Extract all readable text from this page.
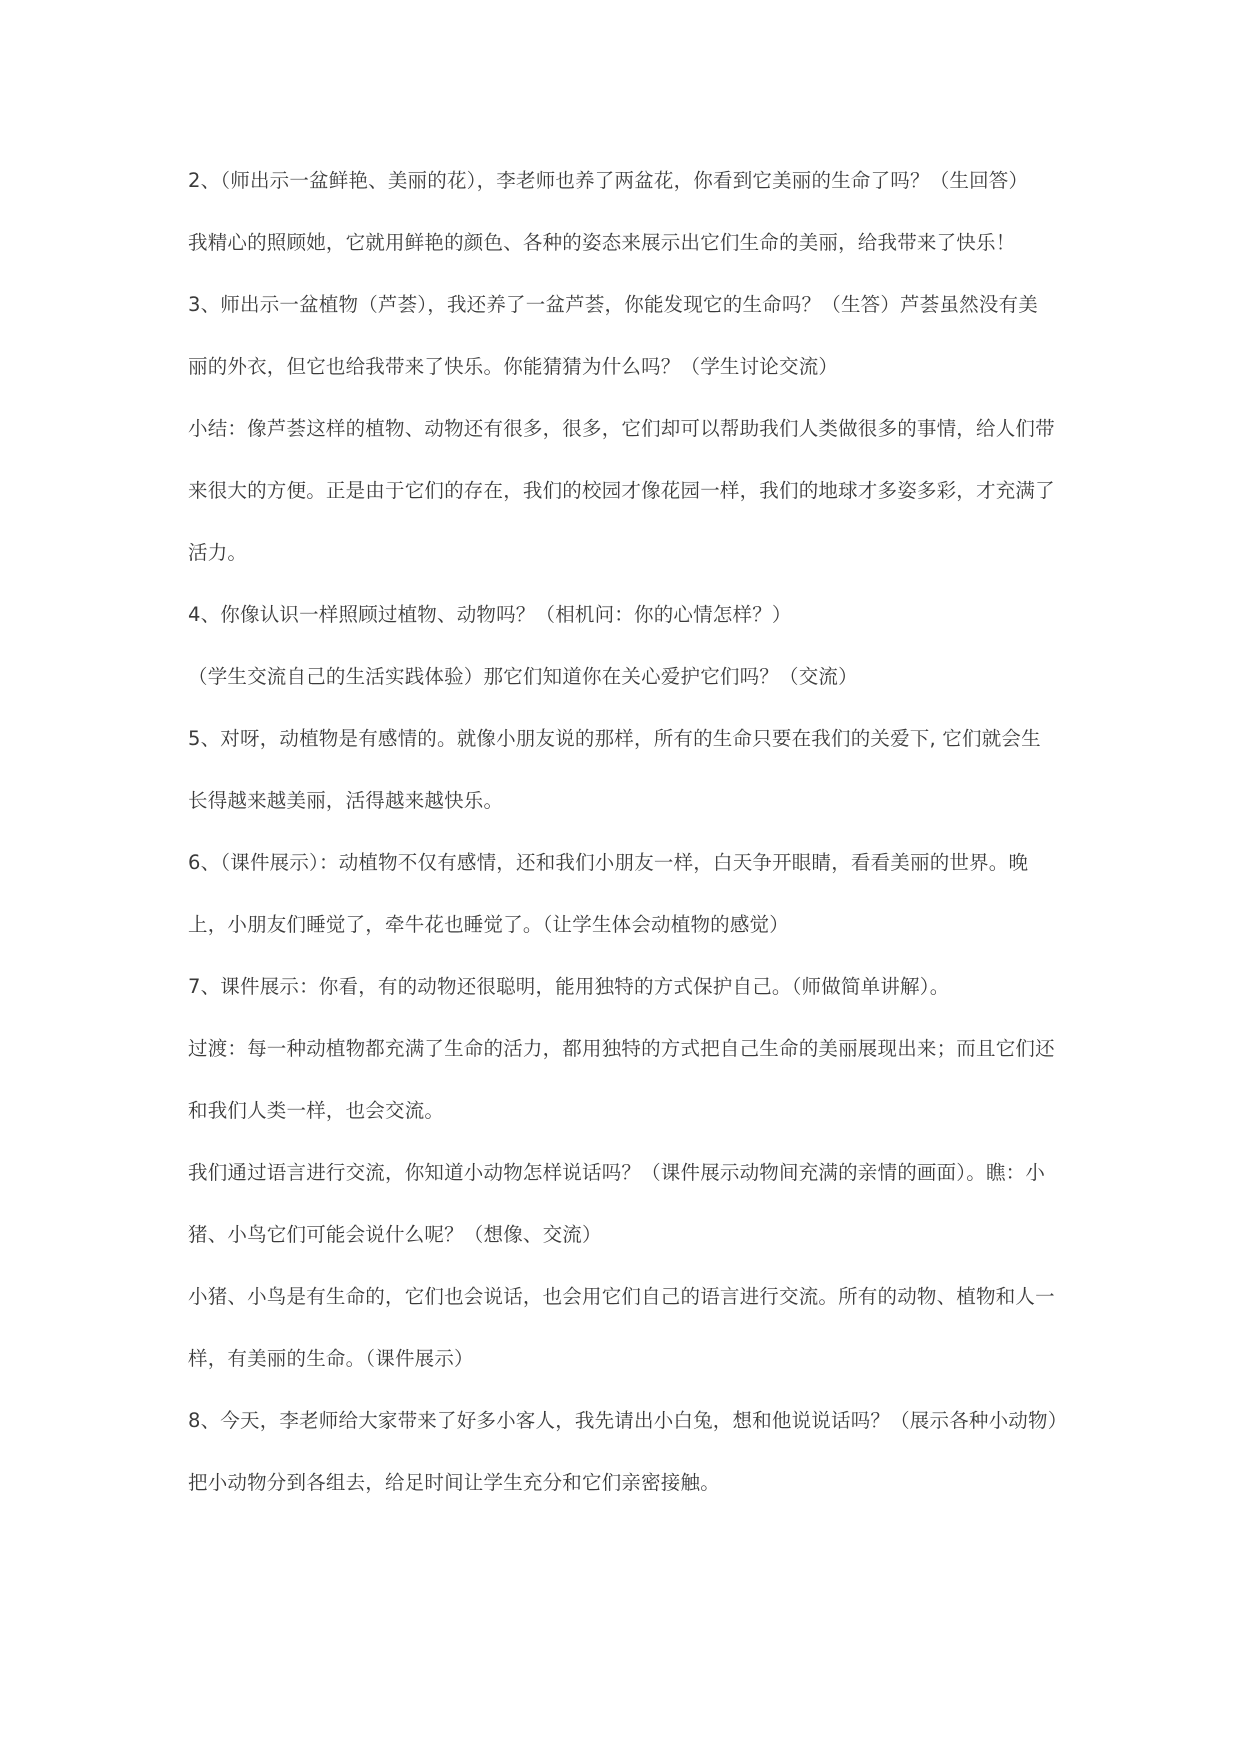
2、（师出示一盆鲜艳、美丽的花），李老师也养了两盆花，你看到它美丽的生命了吗？（生回答）
我精心的照顾她，它就用鲜艳的颜色、各种的姿态来展示出它们生命的美丽，给我带来了快乐！
3、师出示一盆植物（芦荟），我还养了一盆芦荟，你能发现它的生命吗？（生答）芦荟虽然没有美
丽的外衣，但它也给我带来了快乐。你能猜猜为什么吗？（学生讨论交流）
小结：像芦荟这样的植物、动物还有很多，很多，它们却可以帮助我们人类做很多的事情，给人们带
来很大的方便。正是由于它们的存在，我们的校园才像花园一样，我们的地球才多姿多彩，才充满了
活力。
4、你像认识一样照顾过植物、动物吗？（相机问：你的心情怎样？）
（学生交流自己的生活实践体验）那它们知道你在关心爱护它们吗？（交流）
5、对呀，动植物是有感情的。就像小朋友说的那样，所有的生命只要在我们的关爱下, 它们就会生
长得越来越美丽，活得越来越快乐。
6、（课件展示）：动植物不仅有感情，还和我们小朋友一样，白天争开眼睛，看看美丽的世界。晚
上，小朋友们睡觉了，牵牛花也睡觉了。（让学生体会动植物的感觉）
7、课件展示：你看，有的动物还很聪明，能用独特的方式保护自己。（师做简单讲解）。
过渡：每一种动植物都充满了生命的活力，都用独特的方式把自己生命的美丽展现出来；而且它们还
和我们人类一样，也会交流。
我们通过语言进行交流，你知道小动物怎样说话吗？（课件展示动物间充满的亲情的画面）。瞧：小
猪、小鸟它们可能会说什么呢？（想像、交流）
小猪、小鸟是有生命的，它们也会说话，也会用它们自己的语言进行交流。所有的动物、植物和人一
样，有美丽的生命。（课件展示）
8、今天，李老师给大家带来了好多小客人，我先请出小白兔，想和他说说话吗？（展示各种小动物）
把小动物分到各组去，给足时间让学生充分和它们亲密接触。
